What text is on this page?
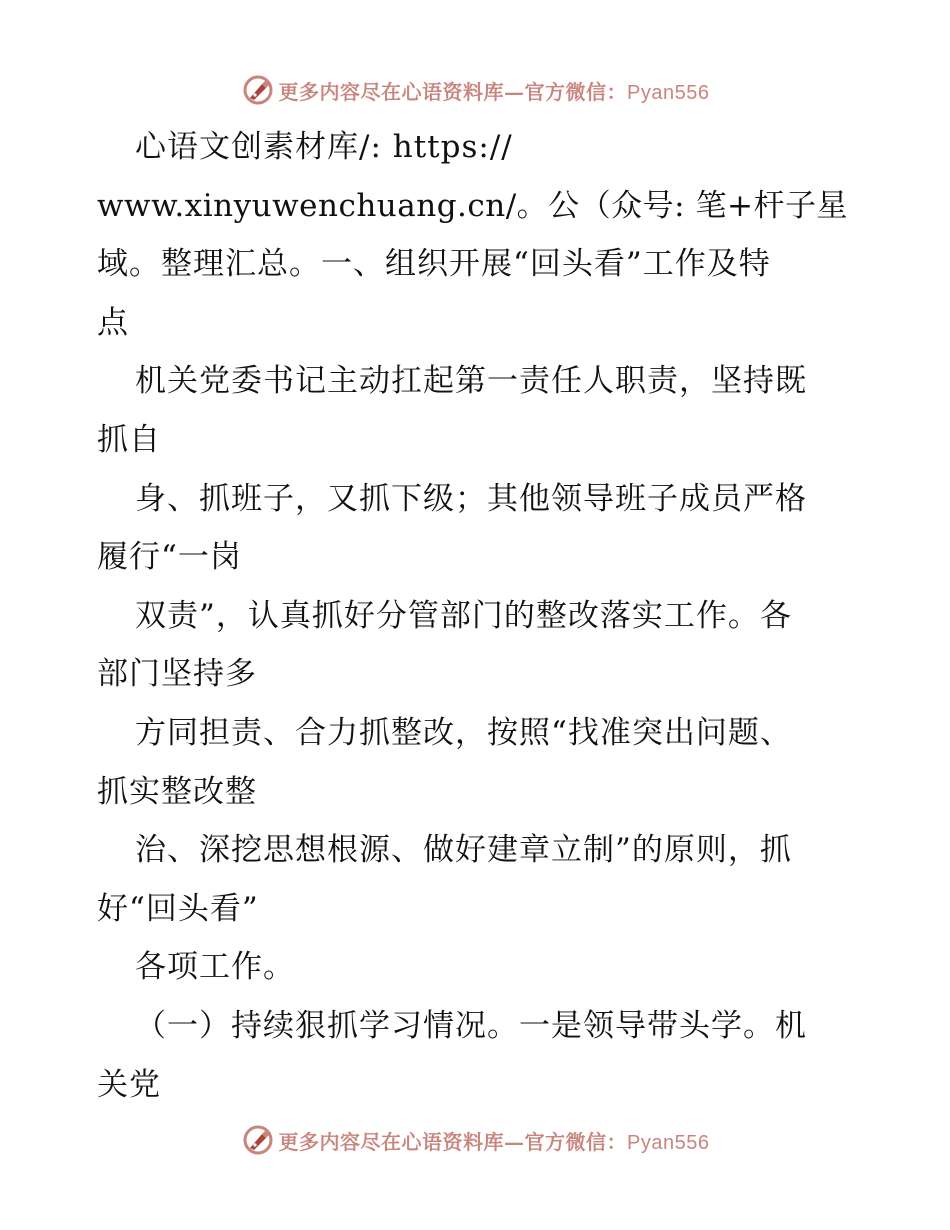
更多内容尽在心语资料库—官方微信：Pyan556
心语文创素材库/: https://
www.xinyuwenchuang.cn/。公（众号: 笔+杆子星
域。整理汇总。一、组织开展“回头看”工作及特
点
机关党委书记主动扛起第一责任人职责，坚持既
抓自
身、抓班子，又抓下级；其他领导班子成员严格
履行“一岗
双责”，认真抓好分管部门的整改落实工作。各
部门坚持多
方同担责、合力抓整改，按照“找准突出问题、
抓实整改整
治、深挖思想根源、做好建章立制”的原则，抓
好“回头看”
各项工作。
（一）持续狠抓学习情况。一是领导带头学。机
关党
更多内容尽在心语资料库—官方微信：Pyan556
